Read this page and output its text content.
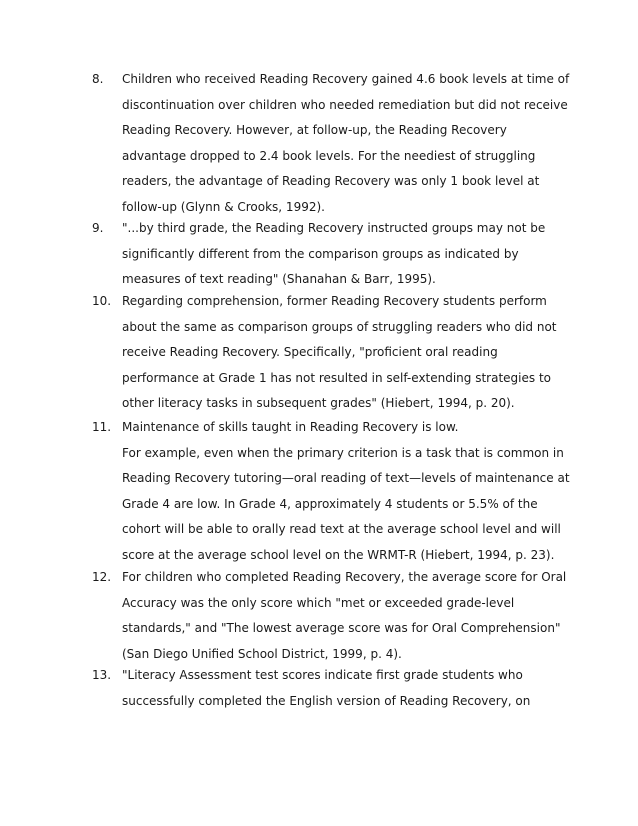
8. Children who received Reading Recovery gained 4.6 book levels at time of
discontinuation over children who needed remediation but did not receive
Reading Recovery. However, at follow-up, the Reading Recovery
advantage dropped to 2.4 book levels. For the neediest of struggling
readers, the advantage of Reading Recovery was only 1 book level at
follow-up (Glynn & Crooks, 1992).
9. "...by third grade, the Reading Recovery instructed groups may not be
significantly different from the comparison groups as indicated by
measures of text reading" (Shanahan & Barr, 1995).
10. Regarding comprehension, former Reading Recovery students perform
about the same as comparison groups of struggling readers who did not
receive Reading Recovery. Specifically, "proficient oral reading
performance at Grade 1 has not resulted in self-extending strategies to
other literacy tasks in subsequent grades" (Hiebert, 1994, p. 20).
11. Maintenance of skills taught in Reading Recovery is low.
For example, even when the primary criterion is a task that is common in
Reading Recovery tutoring—oral reading of text—levels of maintenance at
Grade 4 are low. In Grade 4, approximately 4 students or 5.5% of the
cohort will be able to orally read text at the average school level and will
score at the average school level on the WRMT-R (Hiebert, 1994, p. 23).
12. For children who completed Reading Recovery, the average score for Oral
Accuracy was the only score which "met or exceeded grade-level
standards," and "The lowest average score was for Oral Comprehension"
(San Diego Unified School District, 1999, p. 4).
13. "Literacy Assessment test scores indicate first grade students who
successfully completed the English version of Reading Recovery, on
